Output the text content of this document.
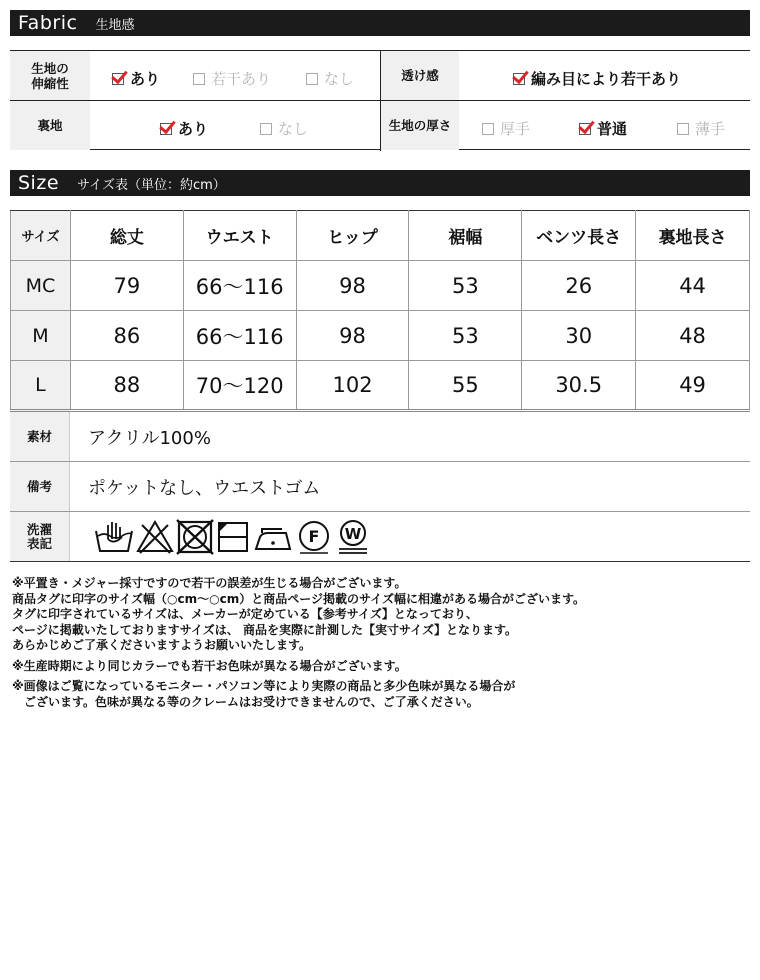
Fabric 生地感
生地の
伸縮性	あり	若干あり	なし	透け感	編み目により若干あり
裏地	あり	なし	生地の厚さ	厚手	普通	薄手
Size サイズ表（単位：約cm）
サイズ	総丈	ウエスト	ヒップ	裾幅	ベンツ長さ	裏地長さ
MC	79	66〜116	98	53	26	44
M	86	66〜116	98	53	30	48
L	88	70〜120	102	55	30.5	49
素材	アクリル100%
備考	ポケットなし、ウエストゴム
洗濯
表記	F W

※平置き・メジャー採寸ですので若干の誤差が生じる場合がございます。

商品タグに印字のサイズ幅（○cm〜○cm）と商品ページ掲載のサイズ幅に相違がある場合がございます。

タグに印字されているサイズは、メーカーが定めている【参考サイズ】となっており、

ページに掲載いたしておりますサイズは、 商品を実際に計測した【実寸サイズ】となります。

あらかじめご了承くださいますようお願いいたします。

※生産時期により同じカラーでも若干お色味が異なる場合がございます。

※画像はご覧になっているモニター・パソコン等により実際の商品と多少色味が異なる場合が

　ございます。色味が異なる等のクレームはお受けできませんので、ご了承ください。
